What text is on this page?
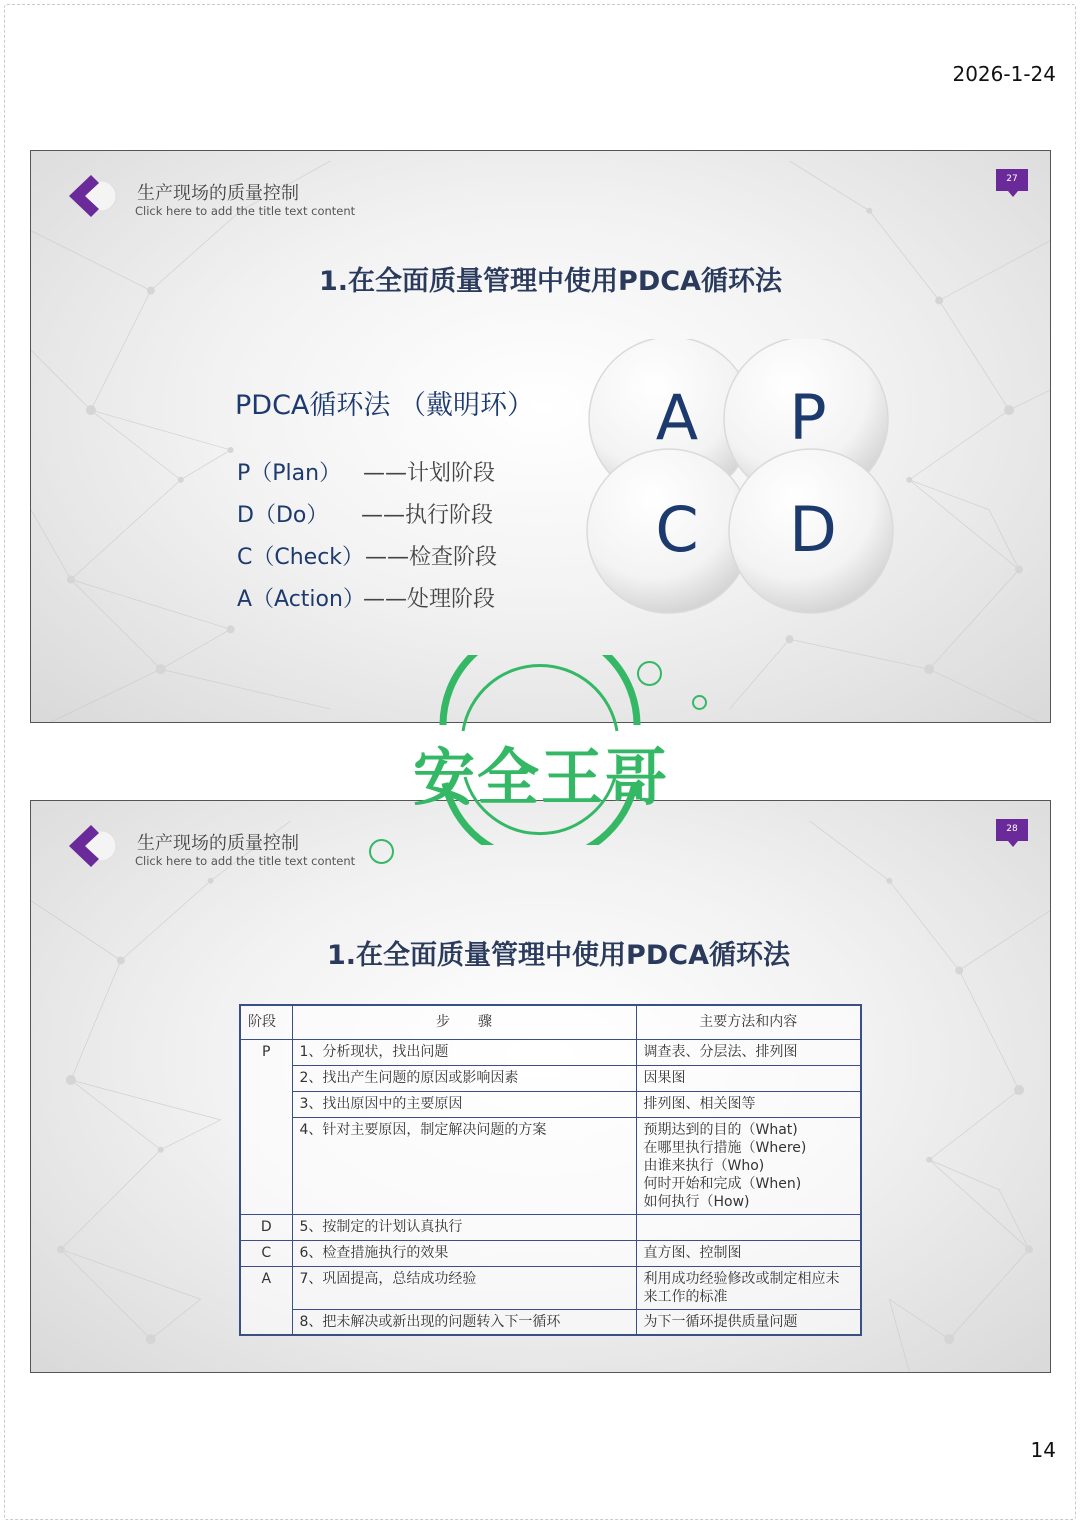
2026-1-24
生产现场的质量控制
Click here to add the title text content
27
1.在全面质量管理中使用PDCA循环法
PDCA循环法 （戴明环）
P（Plan） ——计划阶段
D（Do） ——执行阶段
C（Check）——检查阶段
A（Action）——处理阶段
A P
C D
生产现场的质量控制
Click here to add the title text content
28
1.在全面质量管理中使用PDCA循环法
阶段	步　　骤	主要方法和内容
P	1、分析现状，找出问题	调查表、分层法、排列图
	2、找出产生问题的原因或影响因素	因果图
	3、找出原因中的主要原因	排列图、相关图等
	4、针对主要原因，制定解决问题的方案	预期达到的目的（What)
在哪里执行措施（Where)
由谁来执行（Who)
何时开始和完成（When)
如何执行（How)

D	5、按制定的计划认真执行	
C	6、检查措施执行的效果	直方图、控制图
A	7、巩固提高，总结成功经验	利用成功经验修改或制定相应未
来工作的标准

	8、把未解决或新出现的问题转入下一循环	为下一循环提供质量问题
安全王哥
14
